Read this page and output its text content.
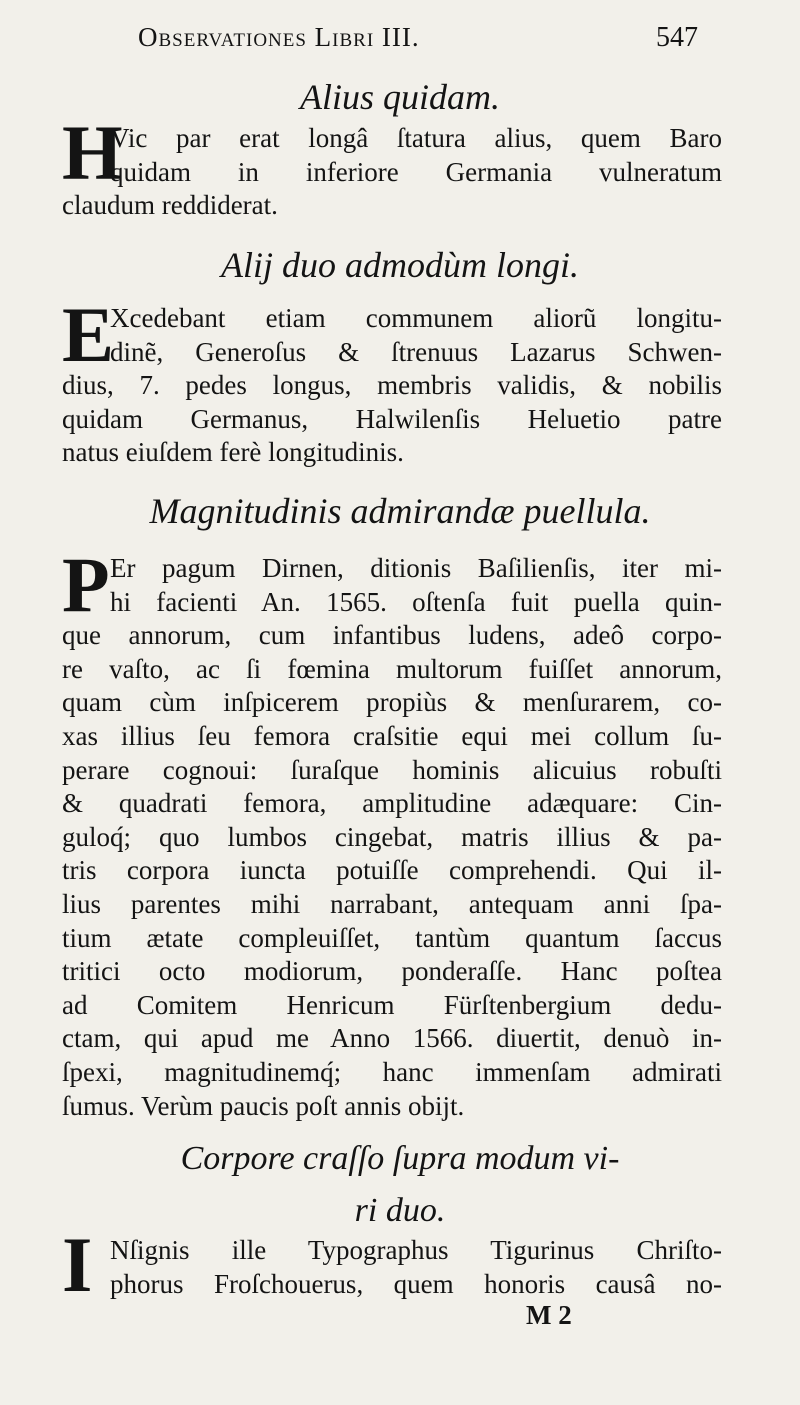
Observationes Libri III.	547
Alius quidam.
H
Vic par erat longâ ſtatura alius, quem Baro
quidam in inferiore Germania vulneratum
claudum reddiderat.
Alij duo admodùm longi.
E
Xcedebant etiam communem aliorũ longitu-
dinẽ, Generoſus & ſtrenuus Lazarus Schwen-
dius, 7. pedes longus, membris validis, & nobilis
quidam Germanus, Halwilenſis Heluetio patre
natus eiuſdem ferè longitudinis.
Magnitudinis admirandæ puellula.
P Er pagum Dirnen, ditionis Baſilienſis, iter mi-
hi facienti An. 1565. oſtenſa fuit puella quin-
que annorum, cum infantibus ludens, adeô corpo-
re vaſto, ac ſi fœmina multorum fuiſſet annorum,
quam cùm inſpicerem propiùs & menſurarem, co-
xas illius ſeu femora craſsitie equi mei collum ſu-
perare cognoui: ſuraſque hominis alicuius robuſti
& quadrati femora, amplitudine adæquare: Cin-
guloq́; quo lumbos cingebat, matris illius & pa-
tris corpora iuncta potuiſſe comprehendi. Qui il-
lius parentes mihi narrabant, antequam anni ſpa-
tium ætate compleuiſſet, tantùm quantum ſaccus
tritici octo modiorum, ponderaſſe. Hanc poſtea
ad Comitem Henricum Fürſtenbergium dedu-
ctam, qui apud me Anno 1566. diuertit, denuò in-
ſpexi, magnitudinemq́; hanc immenſam admirati
ſumus. Verùm paucis poſt annis obijt.
Corpore craſſo ſupra modum vi-
ri duo.
I Nſignis ille Typographus Tigurinus Chriſto-
phorus Froſchouerus, quem honoris causâ no-
M 2
